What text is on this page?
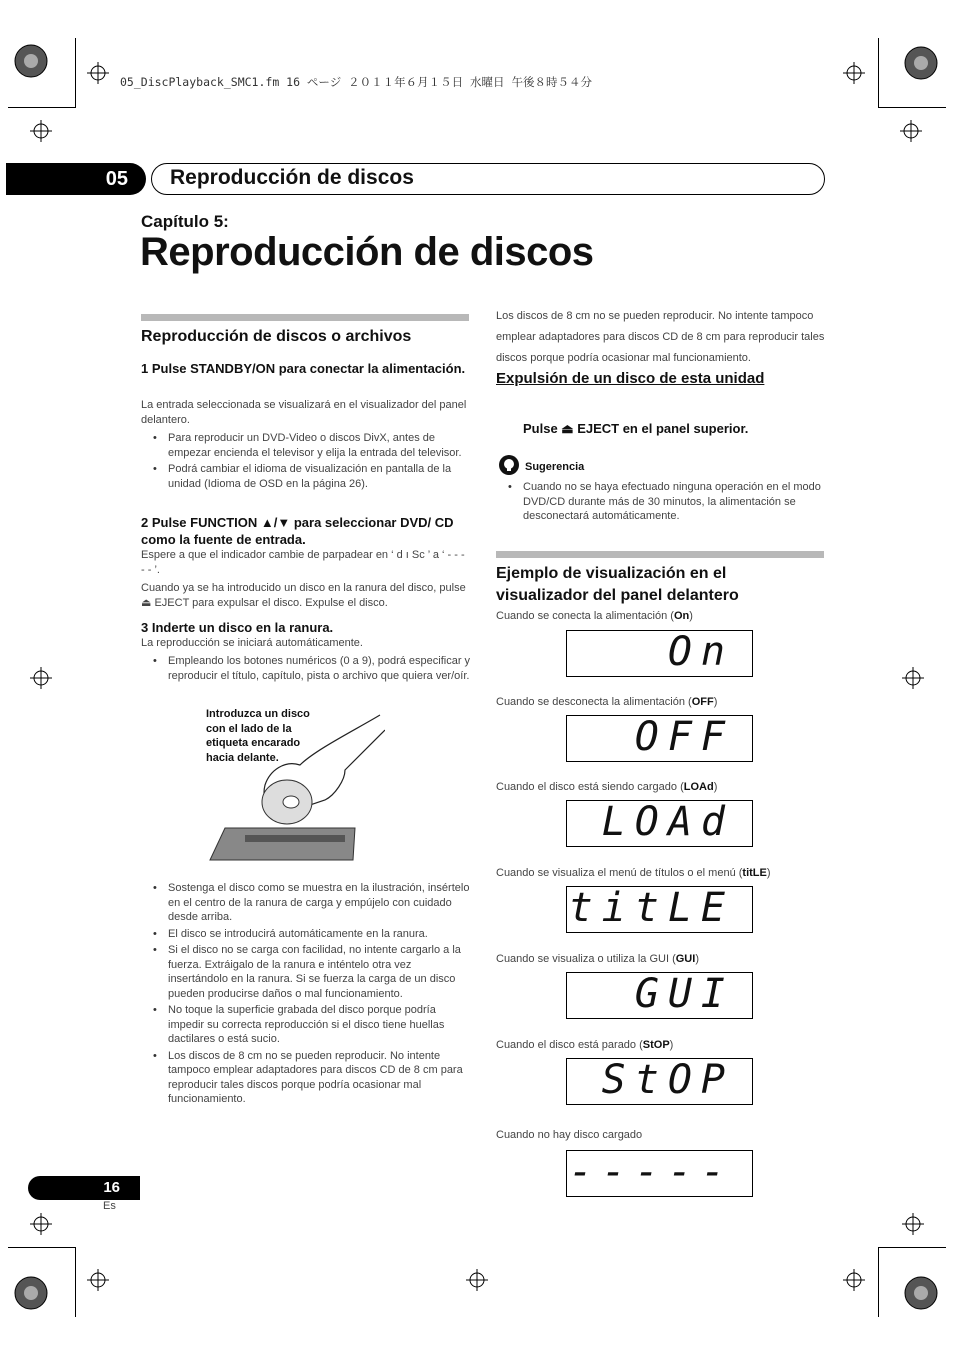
05_DiscPlayback_SMC1.fm 16 ページ ２０１１年６月１５日 水曜日 午後８時５４分
05	Reproducción de discos
Capítulo 5:
Reproducción de discos
Reproducción de discos o archivos
1 Pulse STANDBY/ON para conectar la alimentación.
La entrada seleccionada se visualizará en el visualizador del panel delantero.
• Para reproducir un DVD-Video o discos DivX, antes de empezar encienda el televisor y elija la entrada del televisor.
• Podrá cambiar el idioma de visualización en pantalla de la unidad (Idioma de OSD en la página 26).
2 Pulse FUNCTION ▲/▼ para seleccionar DVD/ CD como la fuente de entrada.
Espere a que el indicador cambie de parpadear en ‘ d ı Sc ’ a ‘ - - - - - ’.
Cuando ya se ha introducido un disco en la ranura del disco, pulse ⏏ EJECT para expulsar el disco. Expulse el disco.
3 Inderte un disco en la ranura.
La reproducción se iniciará automáticamente.
• Empleando los botones numéricos (0 a 9), podrá especificar y reproducir el título, capítulo, pista o archivo que quiera ver/oír.
Introduzca un disco con el lado de la etiqueta encarado hacia delante.
• Sostenga el disco como se muestra en la ilustración, insértelo en el centro de la ranura de carga y empújelo con cuidado desde arriba.
• El disco se introducirá automáticamente en la ranura.
• Si el disco no se carga con facilidad, no intente cargarlo a la fuerza. Extráigalo de la ranura e inténtelo otra vez insertándolo en la ranura. Si se fuerza la carga de un disco pueden producirse daños o mal funcionamiento.
• No toque la superficie grabada del disco porque podría impedir su correcta reproducción si el disco tiene huellas dactilares o está sucio.
• Los discos de 8 cm no se pueden reproducir. No intente tampoco emplear adaptadores para discos CD de 8 cm para reproducir tales discos porque podría ocasionar mal funcionamiento.
Los discos de 8 cm no se pueden reproducir. No intente tampoco emplear adaptadores para discos CD de 8 cm para reproducir tales discos porque podría ocasionar mal funcionamiento.
Expulsión de un disco de esta unidad
Pulse ⏏ EJECT en el panel superior.
Sugerencia
• Cuando no se haya efectuado ninguna operación en el modo DVD/CD durante más de 30 minutos, la alimentación se desconectará automáticamente.
Ejemplo de visualización en el visualizador del panel delantero
Cuando se conecta la alimentación (On)
On
Cuando se desconecta la alimentación (OFF)
OFF
Cuando el disco está siendo cargado (LOAd)
LOAd
Cuando se visualiza el menú de títulos o el menú (titLE)
titLE
Cuando se visualiza o utiliza la GUI (GUI)
GUI
Cuando el disco está parado (StOP)
StOP
Cuando no hay disco cargado
-----
16
Es
